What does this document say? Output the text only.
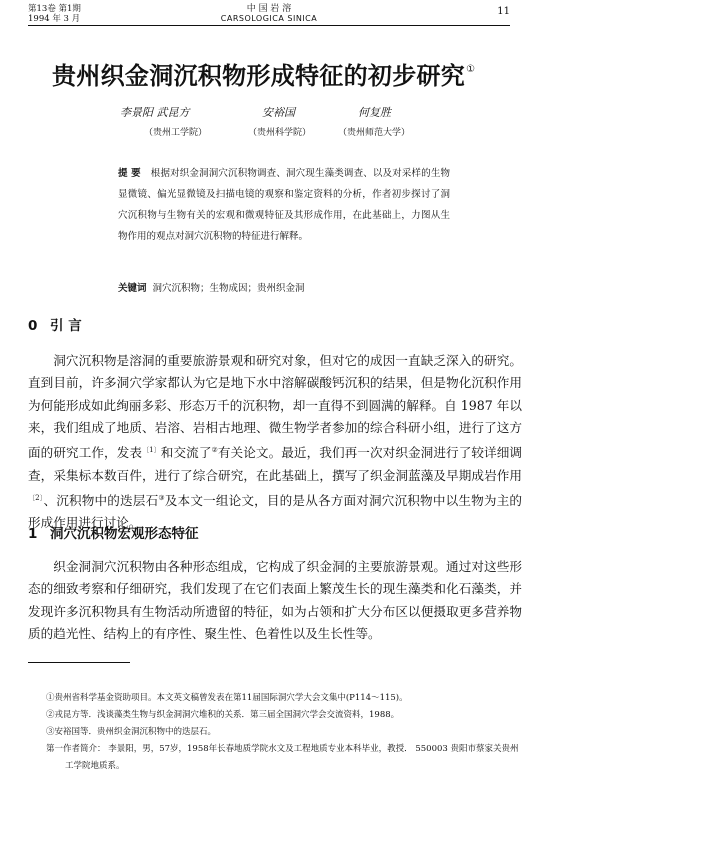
第13卷 第1期
1994 年 3 月
中 国 岩 溶
CARSOLOGICA SINICA
11
贵州织金洞沉积物形成特征的初步研究①
李景阳 武昆方	安裕国	何复胜
（贵州工学院）	（贵州科学院）	（贵州师范大学）
提 要 根据对织金洞洞穴沉积物调查、洞穴现生藻类调查、以及对采样的生物显微镜、偏光显微镜及扫描电镜的观察和鉴定资料的分析，作者初步探讨了洞穴沉积物与生物有关的宏观和微观特征及其形成作用，在此基础上，力图从生物作用的观点对洞穴沉积物的特征进行解释。
关键词 洞穴沉积物；生物成因；贵州织金洞
0 引 言
洞穴沉积物是溶洞的重要旅游景观和研究对象，但对它的成因一直缺乏深入的研究。直到目前，许多洞穴学家都认为它是地下水中溶解碳酸钙沉积的结果，但是物化沉积作用为何能形成如此绚丽多彩、形态万千的沉积物，却一直得不到圆满的解释。自 1987 年以来，我们组成了地质、岩溶、岩相古地理、微生物学者参加的综合科研小组，进行了这方面的研究工作，发表$^{〔1〕}$和交流了②有关论文。最近，我们再一次对织金洞进行了较详细调查，采集标本数百件，进行了综合研究，在此基础上，撰写了织金洞蓝藻及早期成岩作用$^{〔2〕}$、沉积物中的迭层石③及本文一组论文，目的是从各方面对洞穴沉积物中以生物为主的形成作用进行讨论。
1 洞穴沉积物宏观形态特征
织金洞洞穴沉积物由各种形态组成，它构成了织金洞的主要旅游景观。通过对这些形态的细致考察和仔细研究，我们发现了在它们表面上繁茂生长的现生藻类和化石藻类，并发现许多沉积物具有生物活动所遗留的特征，如为占领和扩大分布区以便摄取更多营养物质的趋光性、结构上的有序性、聚生性、色着性以及生长性等。
①贵州省科学基金资助项目。本文英文稿曾发表在第11届国际洞穴学大会文集中(P114～115)。
②戎昆方等．浅谈藻类生物与织金洞洞穴堆积的关系．第三届全国洞穴学会交流资料，1988。
③安裕国等．贵州织金洞沉积物中的迭层石。
第一作者简介： 李景阳，男，57岁，1958年长春地质学院水文及工程地质专业本科毕业，教授． 550003 贵阳市蔡家关贵州工学院地质系。
